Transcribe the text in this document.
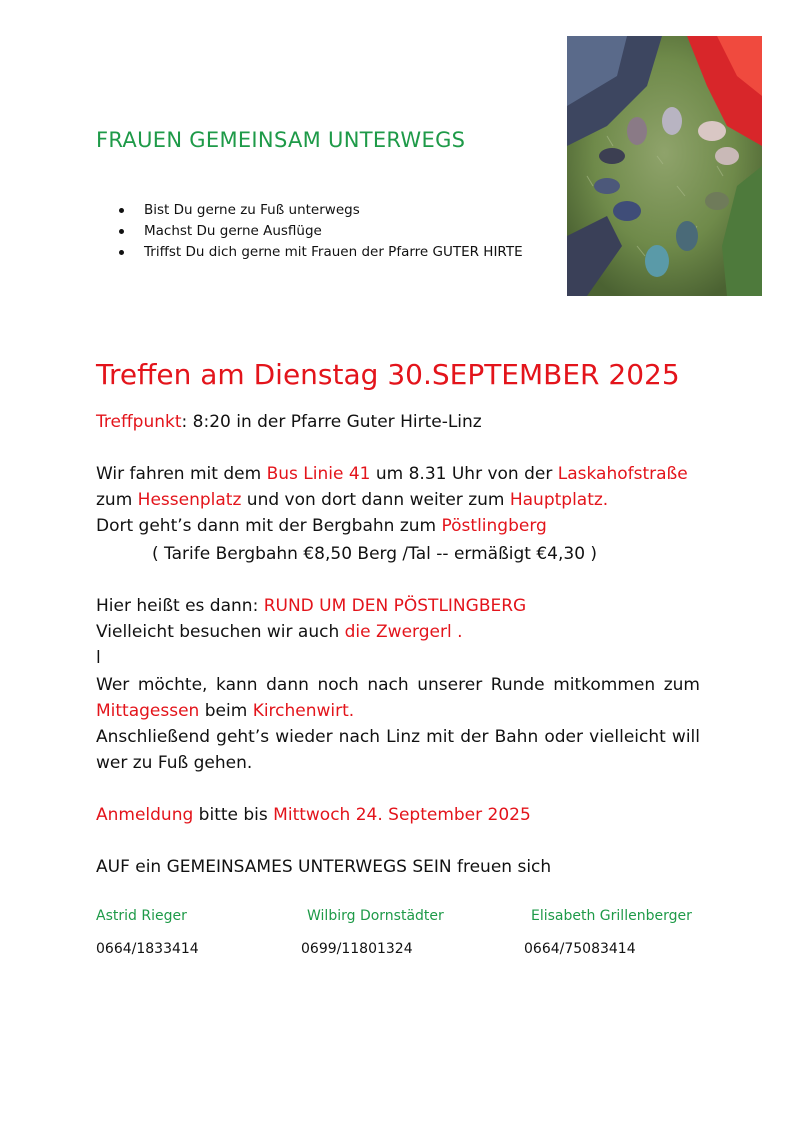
FRAUEN GEMEINSAM UNTERWEGS
Bist Du gerne zu Fuß unterwegs
Machst Du gerne Ausflüge
Triffst Du dich gerne mit Frauen der Pfarre GUTER HIRTE
Treffen am Dienstag 30.SEPTEMBER 2025
Treffpunkt: 8:20 in der Pfarre Guter Hirte-Linz
Wir fahren mit dem Bus Linie 41 um 8.31 Uhr von der Laskahofstraße
zum Hessenplatz und von dort dann weiter zum Hauptplatz.
Dort geht’s dann mit der Bergbahn zum Pöstlingberg
( Tarife Bergbahn €8,50 Berg /Tal -- ermäßigt €4,30 )
Hier heißt es dann: RUND UM DEN PÖSTLINGBERG
Vielleicht besuchen wir auch die Zwergerl .
l
Wer möchte, kann dann noch nach unserer Runde mitkommen zum
Mittagessen beim Kirchenwirt.
Anschließend geht’s wieder nach Linz mit der Bahn oder vielleicht will
wer zu Fuß gehen.
Anmeldung bitte bis Mittwoch 24. September 2025
AUF ein GEMEINSAMES UNTERWEGS SEIN freuen sich
Astrid Rieger	Wilbirg Dornstädter	Elisabeth Grillenberger
0664/1833414	0699/11801324	0664/75083414
